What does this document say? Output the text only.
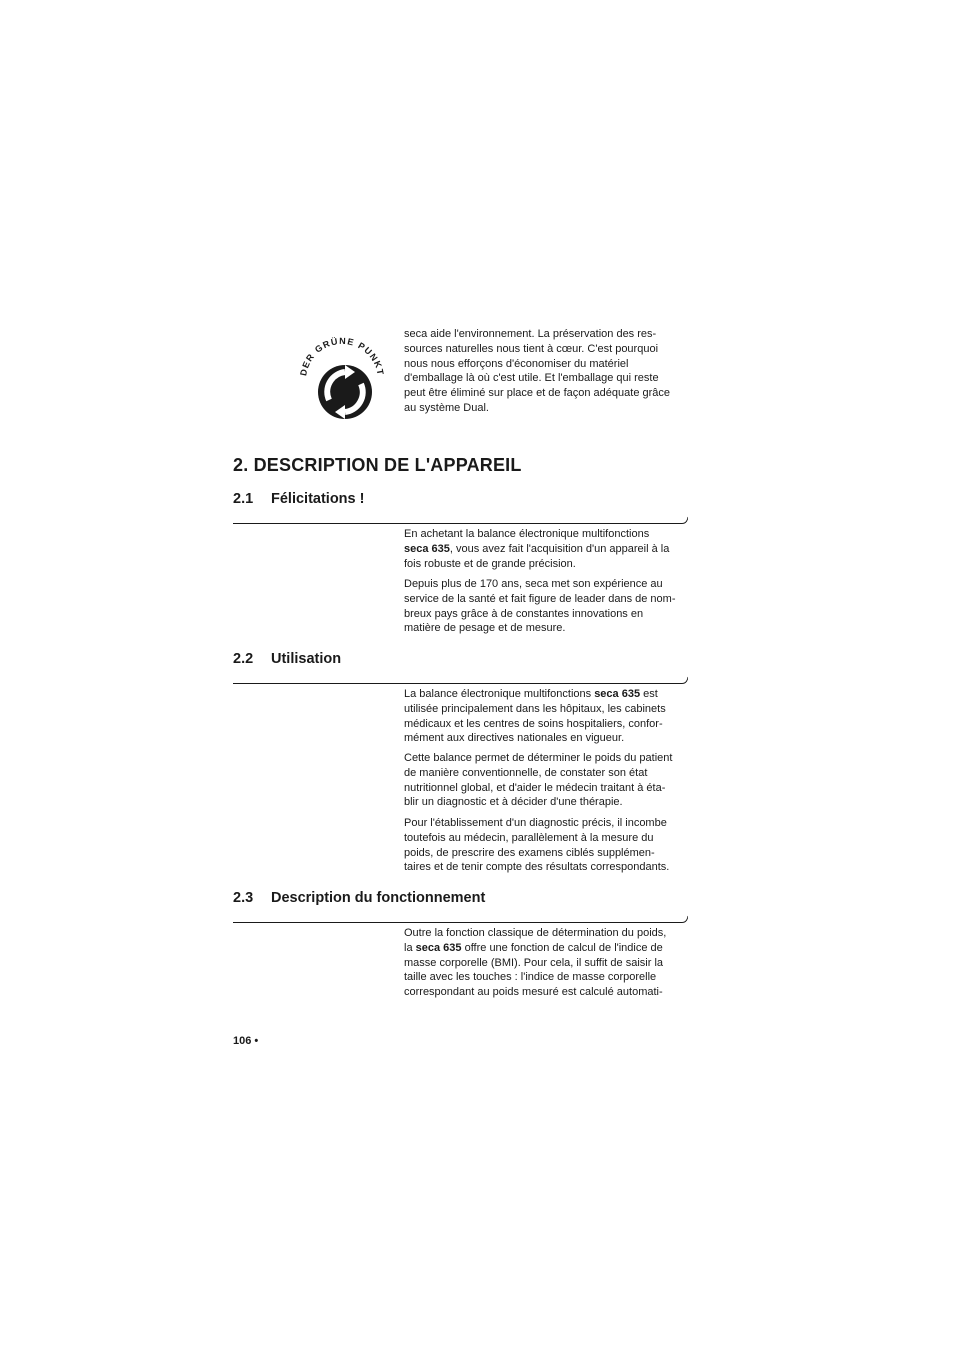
DER GRÜNE PUNKT

seca aide l'environnement. La préservation des res-
sources naturelles nous tient à cœur. C'est pourquoi
nous nous efforçons d'économiser du matériel
d'emballage là où c'est utile. Et l'emballage qui reste
peut être éliminé sur place et de façon adéquate grâce
au système Dual.

2. DESCRIPTION DE L'APPAREIL
2.1 Félicitations !

En achetant la balance électronique multifonctions
seca 635, vous avez fait l'acquisition d'un appareil à la
fois robuste et de grande précision.

Depuis plus de 170 ans, seca met son expérience au
service de la santé et fait figure de leader dans de nom-
breux pays grâce à de constantes innovations en
matière de pesage et de mesure.

2.2 Utilisation

La balance électronique multifonctions seca 635 est
utilisée principalement dans les hôpitaux, les cabinets
médicaux et les centres de soins hospitaliers, confor-
mément aux directives nationales en vigueur.

Cette balance permet de déterminer le poids du patient
de manière conventionnelle, de constater son état
nutritionnel global, et d'aider le médecin traitant à éta-
blir un diagnostic et à décider d'une thérapie.

Pour l'établissement d'un diagnostic précis, il incombe
toutefois au médecin, parallèlement à la mesure du
poids, de prescrire des examens ciblés supplémen-
taires et de tenir compte des résultats correspondants.

2.3 Description du fonctionnement

Outre la fonction classique de détermination du poids,
la seca 635 offre une fonction de calcul de l'indice de
masse corporelle (BMI). Pour cela, il suffit de saisir la
taille avec les touches : l'indice de masse corporelle
correspondant au poids mesuré est calculé automati-

106 •
